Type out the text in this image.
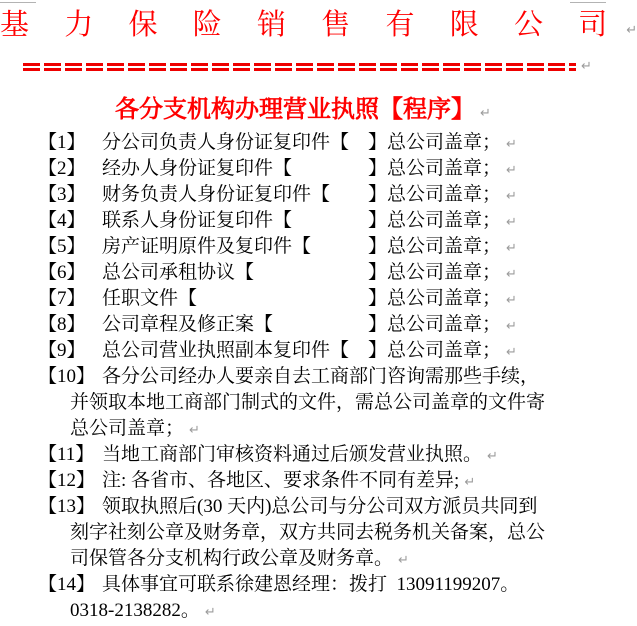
基 力 保 险 销 售 有 限 公 司 ↵
↵
各分支机构办理营业执照【程序】 ↵
【1】 分公司负责人身份证复印件【　】总公司盖章； ↵
【2】 经办人身份证复印件【　　　　】总公司盖章； ↵
【3】 财务负责人身份证复印件【　　】总公司盖章； ↵
【4】 联系人身份证复印件【　　　　】总公司盖章； ↵
【5】 房产证明原件及复印件【　　　】总公司盖章； ↵
【6】 总公司承租协议【　　　　　　】总公司盖章； ↵
【7】 任职文件【　　　　　　　　　】总公司盖章； ↵
【8】 公司章程及修正案【　　　　　】总公司盖章； ↵
【9】 总公司营业执照副本复印件【　】总公司盖章； ↵
【10】 各分公司经办人要亲自去工商部门咨询需那些手续，
并领取本地工商部门制式的文件，需总公司盖章的文件寄
总公司盖章； ↵
【11】 当地工商部门审核资料通过后颁发营业执照。 ↵
【12】 注: 各省市、各地区、要求条件不同有差异; ↵
【13】 领取执照后(30 天内)总公司与分公司双方派员共同到
刻字社刻公章及财务章，双方共同去税务机关备案，总公
司保管各分支机构行政公章及财务章。 ↵
【14】 具体事宜可联系徐建恩经理：拨打  13091199207。
0318-2138282。 ↵
